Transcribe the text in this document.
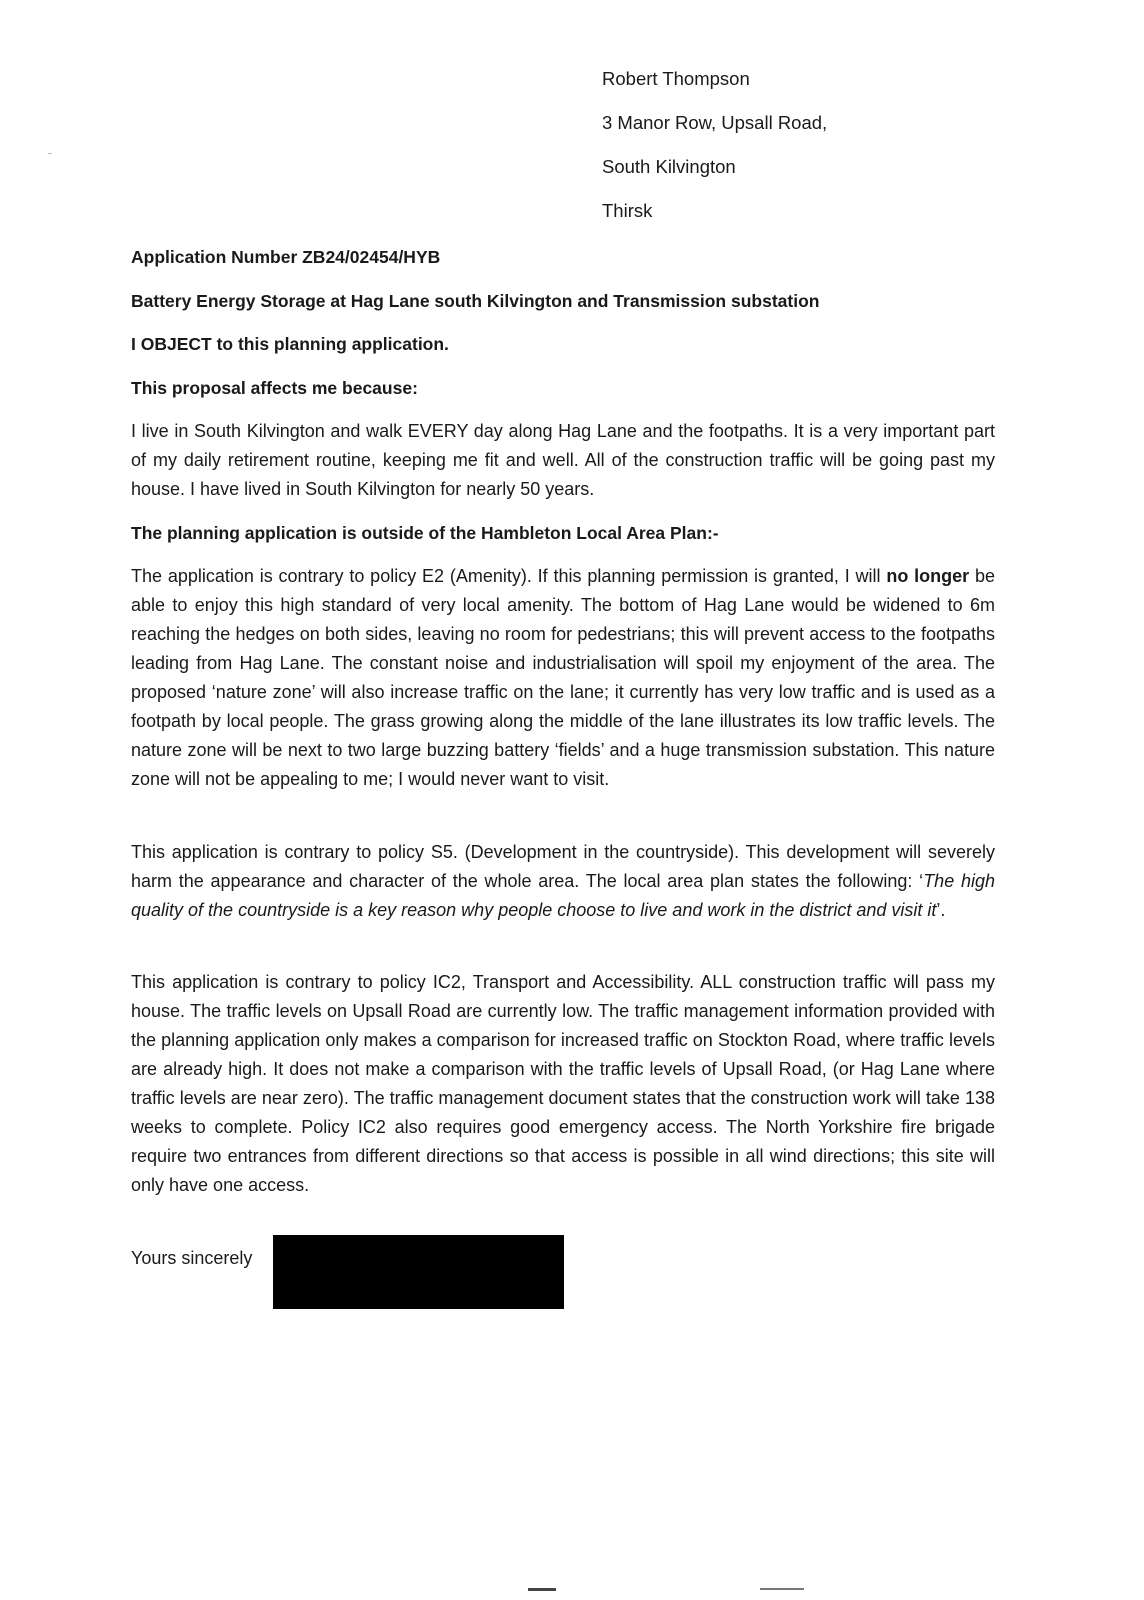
Robert Thompson
3 Manor Row, Upsall Road,
South Kilvington
Thirsk
Application Number ZB24/02454/HYB
Battery Energy Storage at Hag Lane south Kilvington and Transmission substation
I OBJECT to this planning application.
This proposal affects me because:

I live in South Kilvington and walk EVERY day along Hag Lane and the footpaths. It is a very important part of my daily retirement routine, keeping me fit and well. All of the construction traffic will be going past my house. I have lived in South Kilvington for nearly 50 years.

The planning application is outside of the Hambleton Local Area Plan:-

The application is contrary to policy E2 (Amenity). If this planning permission is granted, I will no longer be able to enjoy this high standard of very local amenity. The bottom of Hag Lane would be widened to 6m reaching the hedges on both sides, leaving no room for pedestrians; this will prevent access to the footpaths leading from Hag Lane. The constant noise and industrialisation will spoil my enjoyment of the area. The proposed ‘nature zone’ will also increase traffic on the lane; it currently has very low traffic and is used as a footpath by local people. The grass growing along the middle of the lane illustrates its low traffic levels. The nature zone will be next to two large buzzing battery ‘fields’ and a huge transmission substation. This nature zone will not be appealing to me; I would never want to visit.

This application is contrary to policy S5. (Development in the countryside). This development will severely harm the appearance and character of the whole area. The local area plan states the following: ‘The high quality of the countryside is a key reason why people choose to live and work in the district and visit it’.

This application is contrary to policy IC2, Transport and Accessibility. ALL construction traffic will pass my house. The traffic levels on Upsall Road are currently low. The traffic management information provided with the planning application only makes a comparison for increased traffic on Stockton Road, where traffic levels are already high. It does not make a comparison with the traffic levels of Upsall Road, (or Hag Lane where traffic levels are near zero). The traffic management document states that the construction work will take 138 weeks to complete. Policy IC2 also requires good emergency access. The North Yorkshire fire brigade require two entrances from different directions so that access is possible in all wind directions; this site will only have one access.

Yours sincerely
